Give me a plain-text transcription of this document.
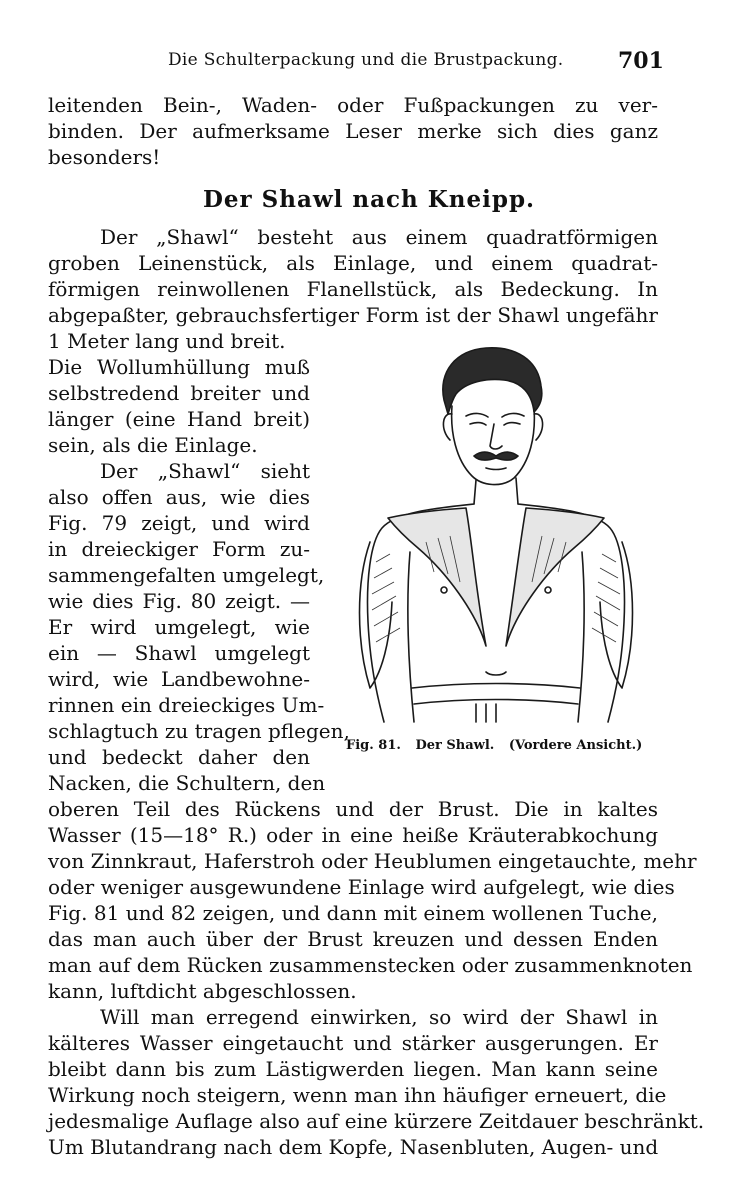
Die Schulterpackung und die Brustpackung. 701
leitenden Bein-, Waden- oder Fußpackungen zu ver-
binden. Der aufmerksame Leser merke sich dies ganz
besonders!
Der Shawl nach Kneipp.
Der „Shawl“ besteht aus einem quadratförmigen
groben Leinenstück, als Einlage, und einem quadrat-
förmigen reinwollenen Flanellstück, als Bedeckung. In
abgepaßter, gebrauchsfertiger Form ist der Shawl ungefähr
1 Meter lang und breit.
Die Wollumhüllung muß
selbstredend breiter und
länger (eine Hand breit)
sein, als die Einlage.
Der „Shawl“ sieht
also offen aus, wie dies
Fig. 79 zeigt, und wird
in dreieckiger Form zu-
sammengefalten umgelegt,
wie dies Fig. 80 zeigt. —
Er wird umgelegt, wie
ein — Shawl umgelegt
wird, wie Landbewohne-
rinnen ein dreieckiges Um-
schlagtuch zu tragen pflegen,
und bedeckt daher den
Nacken, die Schultern, den
oberen Teil des Rückens und der Brust. Die in kaltes
Wasser (15—18° R.) oder in eine heiße Kräuterabkochung
von Zinnkraut, Haferstroh oder Heublumen eingetauchte, mehr
oder weniger ausgewundene Einlage wird aufgelegt, wie dies
Fig. 81 und 82 zeigen, und dann mit einem wollenen Tuche,
das man auch über der Brust kreuzen und dessen Enden
man auf dem Rücken zusammenstecken oder zusammenknoten
kann, luftdicht abgeschlossen.
Will man erregend einwirken, so wird der Shawl in
kälteres Wasser eingetaucht und stärker ausgerungen. Er
bleibt dann bis zum Lästigwerden liegen. Man kann seine
Wirkung noch steigern, wenn man ihn häufiger erneuert, die
jedesmalige Auflage also auf eine kürzere Zeitdauer beschränkt.
Um Blutandrang nach dem Kopfe, Nasenbluten, Augen- und
Fig. 81. Der Shawl. (Vordere Ansicht.)
